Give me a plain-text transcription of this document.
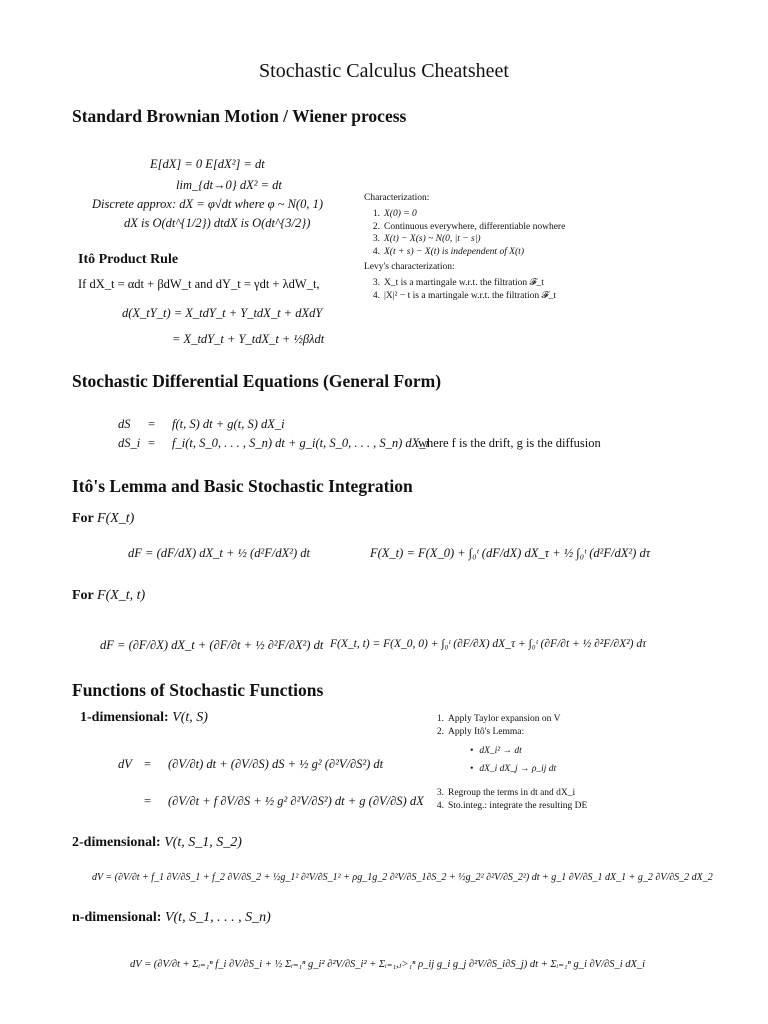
Stochastic Calculus Cheatsheet
Standard Brownian Motion / Wiener process
E[dX] = 0 E[dX²] = dt
lim_{dt→0} dX² = dt
Discrete approx: dX = φ√dt where φ ~ N(0, 1)
dX is O(dt^{1/2}) dtdX is O(dt^{3/2})
Characterization:
1. X(0) = 0
2. Continuous everywhere, differentiable nowhere
3. X(t) − X(s) ~ N(0, |t − s|)
4. X(t + s) − X(t) is independent of X(t)
Levy's characterization:
3. X_t is a martingale w.r.t. the filtration 𝓕_t
4. |X|² − t is a martingale w.r.t. the filtration 𝓕_t
Itô Product Rule
If dX_t = αdt + βdW_t and dY_t = γdt + λdW_t,
d(X_tY_t) = X_tdY_t + Y_tdX_t + dXdY
= X_tdY_t + Y_tdX_t + ½βλdt
Stochastic Differential Equations (General Form)
dS = f(t, S) dt + g(t, S) dX_i
dS_i = f_i(t, S_0, . . . , S_n) dt + g_i(t, S_0, . . . , S_n) dX_i
where f is the drift, g is the diffusion
Itô's Lemma and Basic Stochastic Integration
For F(X_t)
dF = (dF/dX) dX_t + ½ (d²F/dX²) dt	F(X_t) = F(X_0) + ∫₀ᵗ (dF/dX) dX_τ + ½ ∫₀ᵗ (d²F/dX²) dτ
For F(X_t, t)
dF = (∂F/∂X) dX_t + (∂F/∂t + ½ ∂²F/∂X²) dt F(X_t, t) = F(X_0, 0) + ∫₀ᵗ (∂F/∂X) dX_τ + ∫₀ᵗ (∂F/∂t + ½ ∂²F/∂X²) dτ
Functions of Stochastic Functions
1-dimensional: V(t, S)
dV = (∂V/∂t) dt + (∂V/∂S) dS + ½ g² (∂²V/∂S²) dt
= (∂V/∂t + f ∂V/∂S + ½ g² ∂²V/∂S²) dt + g (∂V/∂S) dX
1. Apply Taylor expansion on V
2. Apply Itô's Lemma:
• dX_i² → dt
• dX_i dX_j → ρ_ij dt
3. Regroup the terms in dt and dX_i
4. Sto.integ.: integrate the resulting DE
2-dimensional: V(t, S_1, S_2)
dV = (∂V/∂t + f_1 ∂V/∂S_1 + f_2 ∂V/∂S_2 + ½g_1² ∂²V/∂S_1² + ρg_1g_2 ∂²V/∂S_1∂S_2 + ½g_2² ∂²V/∂S_2²) dt + g_1 ∂V/∂S_1 dX_1 + g_2 ∂V/∂S_2 dX_2
n-dimensional: V(t, S_1, . . . , S_n)
dV = (∂V/∂t + Σᵢ₌₁ⁿ f_i ∂V/∂S_i + ½ Σᵢ₌₁ⁿ g_i² ∂²V/∂S_i² + Σᵢ₌₁,ⱼ>₁ⁿ ρ_ij g_i g_j ∂²V/∂S_i∂S_j) dt + Σᵢ₌₁ⁿ g_i ∂V/∂S_i dX_i
